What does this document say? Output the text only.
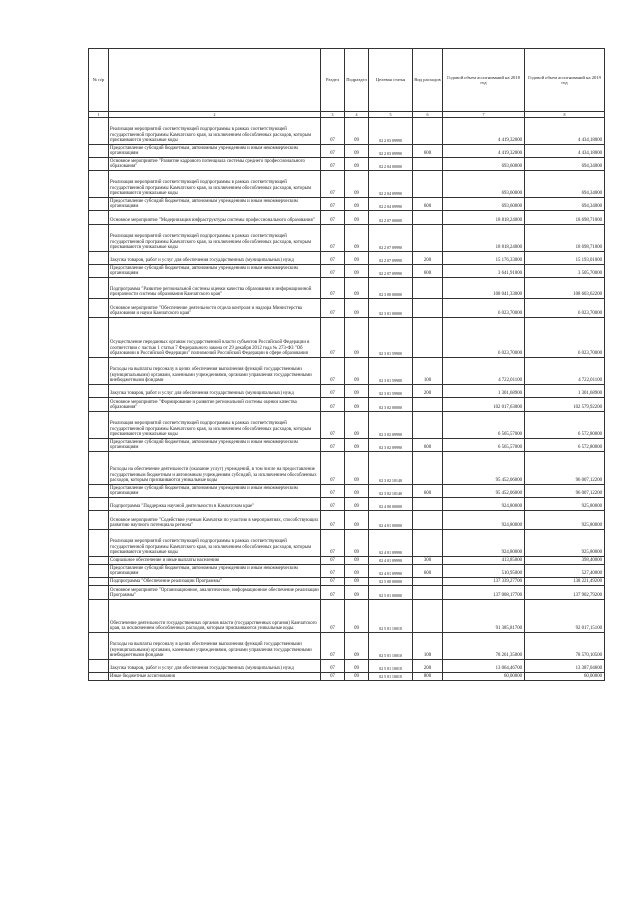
№ п/р		Раздел	Подраздел	Целевая статья	Вид расходов	Годовой объем ассигнований на 2018 год	Годовой объем ассигнований на 2019 год
1	2	3	4	5	6	7	8
	Реализация мероприятий соответствующей подпрограммы в рамках соответствующей государственной программы Камчатского края, за исключением обособленных расходов, которым присваиваются уникальные коды	07	09	02 2 03 09990		4 419,32000	4 434,18000
	Предоставление субсидий бюджетным, автономным учреждениям и иным некоммерческим организациям	07	09	02 2 03 09990	600	4 419,32000	4 434,18000
	Основное мероприятие "Развитие кадрового потенциала системы среднего профессионального образования"	07	09	02 2 04 00000		693,60000	694,34000
	Реализация мероприятий соответствующей подпрограммы в рамках соответствующей государственной программы Камчатского края, за исключением обособленных расходов, которым присваиваются уникальные коды	07	09	02 2 04 09990		693,60000	694,34000
	Предоставление субсидий бюджетным, автономным учреждениям и иным некоммерческим организациям	07	09	02 2 04 09990	600	693,60000	694,34000
	Основное мероприятие "Модернизация инфраструктуры системы профессионального образования"	07	09	02 2 07 00000		18 818,24000	18 698,71000
	Реализация мероприятий соответствующей подпрограммы в рамках соответствующей государственной программы Камчатского края, за исключением обособленных расходов, которым присваиваются уникальные коды	07	09	02 2 07 09990		18 818,24000	18 698,71000
	Закупка товаров, работ и услуг для обеспечения государственных (муниципальных) нужд	07	09	02 2 07 09990	200	15 176,33000	15 193,01000
	Предоставление субсидий бюджетным, автономным учреждениям и иным некоммерческим организациям	07	09	02 2 07 09990	600	3 641,91000	3 505,70000
	Подпрограмма "Развитие региональной системы оценки качества образования и информационной прозрачности системы образования Камчатского края"	07	09	02 3 00 00000		108 041,33000	108 603,62200
	Основное мероприятие "Обеспечение деятельности отдела контроля и надзора Министерства образования и науки Камчатского края"	07	09	02 3 01 00000		6 023,70000	6 023,70000
	Осуществление переданных органам государственной власти субъектов Российской Федерации в соответствии с частью 1 статьи 7 Федерального закона от 29 декабря 2012 года № 273-ФЗ "Об образовании в Российской Федерации" полномочий Российской Федерации в сфере образования	07	09	02 3 01 59900		6 023,70000	6 023,70000
	Расходы на выплаты персоналу в целях обеспечения выполнения функций государственными (муниципальными) органами, казенными учреждениями, органами управления государственными внебюджетными фондами	07	09	02 3 01 59900	100	4 722,01100	4 722,01100
	Закупка товаров, работ и услуг для обеспечения государственных (муниципальных) нужд	07	09	02 3 01 59900	200	1 301,68900	1 301,68900
	Основное мероприятие "Формирование и развитие региональной системы оценки качества образования"	07	09	02 3 02 00000		102 017,63000	102 579,92200
	Реализация мероприятий соответствующей подпрограммы в рамках соответствующей государственной программы Камчатского края, за исключением обособленных расходов, которым присваиваются уникальные коды	07	09	02 3 02 09990		6 565,57000	6 572,80000
	Предоставление субсидий бюджетным, автономным учреждениям и иным некоммерческим организациям	07	09	02 3 02 09990	600	6 565,57000	6 572,80000
	Расходы на обеспечение деятельности (оказание услуг) учреждений, в том числе на предоставление государственным бюджетным и автономным учреждениям субсидий, за исключением обособленных расходов, которым присваиваются уникальные коды	07	09	02 3 02 10140		95 452,06000	96 007,12200
	Предоставление субсидий бюджетным, автономным учреждениям и иным некоммерческим организациям	07	09	02 3 02 10140	600	95 452,06000	96 007,12200
	Подпрограмма "Поддержка научной деятельности в Камчатском крае"	07	09	02 4 00 00000		924,80000	925,80000
	Основное мероприятие "Содействие ученым Камчатки по участию в мероприятиях, способствующих развитию научного потенциала региона"	07	09	02 4 01 00000		924,80000	925,80000
	Реализация мероприятий соответствующей подпрограммы в рамках соответствующей государственной программы Камчатского края, за исключением обособленных расходов, которым присваиваются уникальные коды	07	09	02 4 01 09990		924,80000	925,80000
	Социальное обеспечение и иные выплаты населению	07	09	02 4 01 09990	300	413,85000	398,40000
	Предоставление субсидий бюджетным, автономным учреждениям и иным некоммерческим организациям	07	09	02 4 01 09990	600	510,95000	527,40000
	Подпрограмма "Обеспечение реализации Программы"	07	09	02 5 00 00000		137 339,27700	138 221,49200
	Основное мероприятие "Организационное, аналитическое, информационное обеспечение реализации Программы"	07	09	02 5 01 00000		137 008,17700	137 902,79200
	Обеспечение деятельности государственных органов власти (государственных органов) Камчатского края, за исключением обособленных расходов, которым присваиваются уникальные коды.	07	09	02 5 01 10010		91 385,81700	92 017,15100
	Расходы на выплаты персоналу в целях обеспечения выполнения функций государственными (муниципальными) органами, казенными учреждениями, органами управления государственными внебюджетными фондами	07	09	02 5 01 10010	100	78 261,35000	78 570,10500
	Закупка товаров, работ и услуг для обеспечения государственных (муниципальных) нужд	07	09	02 5 01 10010	200	13 064,46700	13 387,04600
	Иные бюджетные ассигнования	07	09	02 5 01 10010	800	60,00000	60,00000
